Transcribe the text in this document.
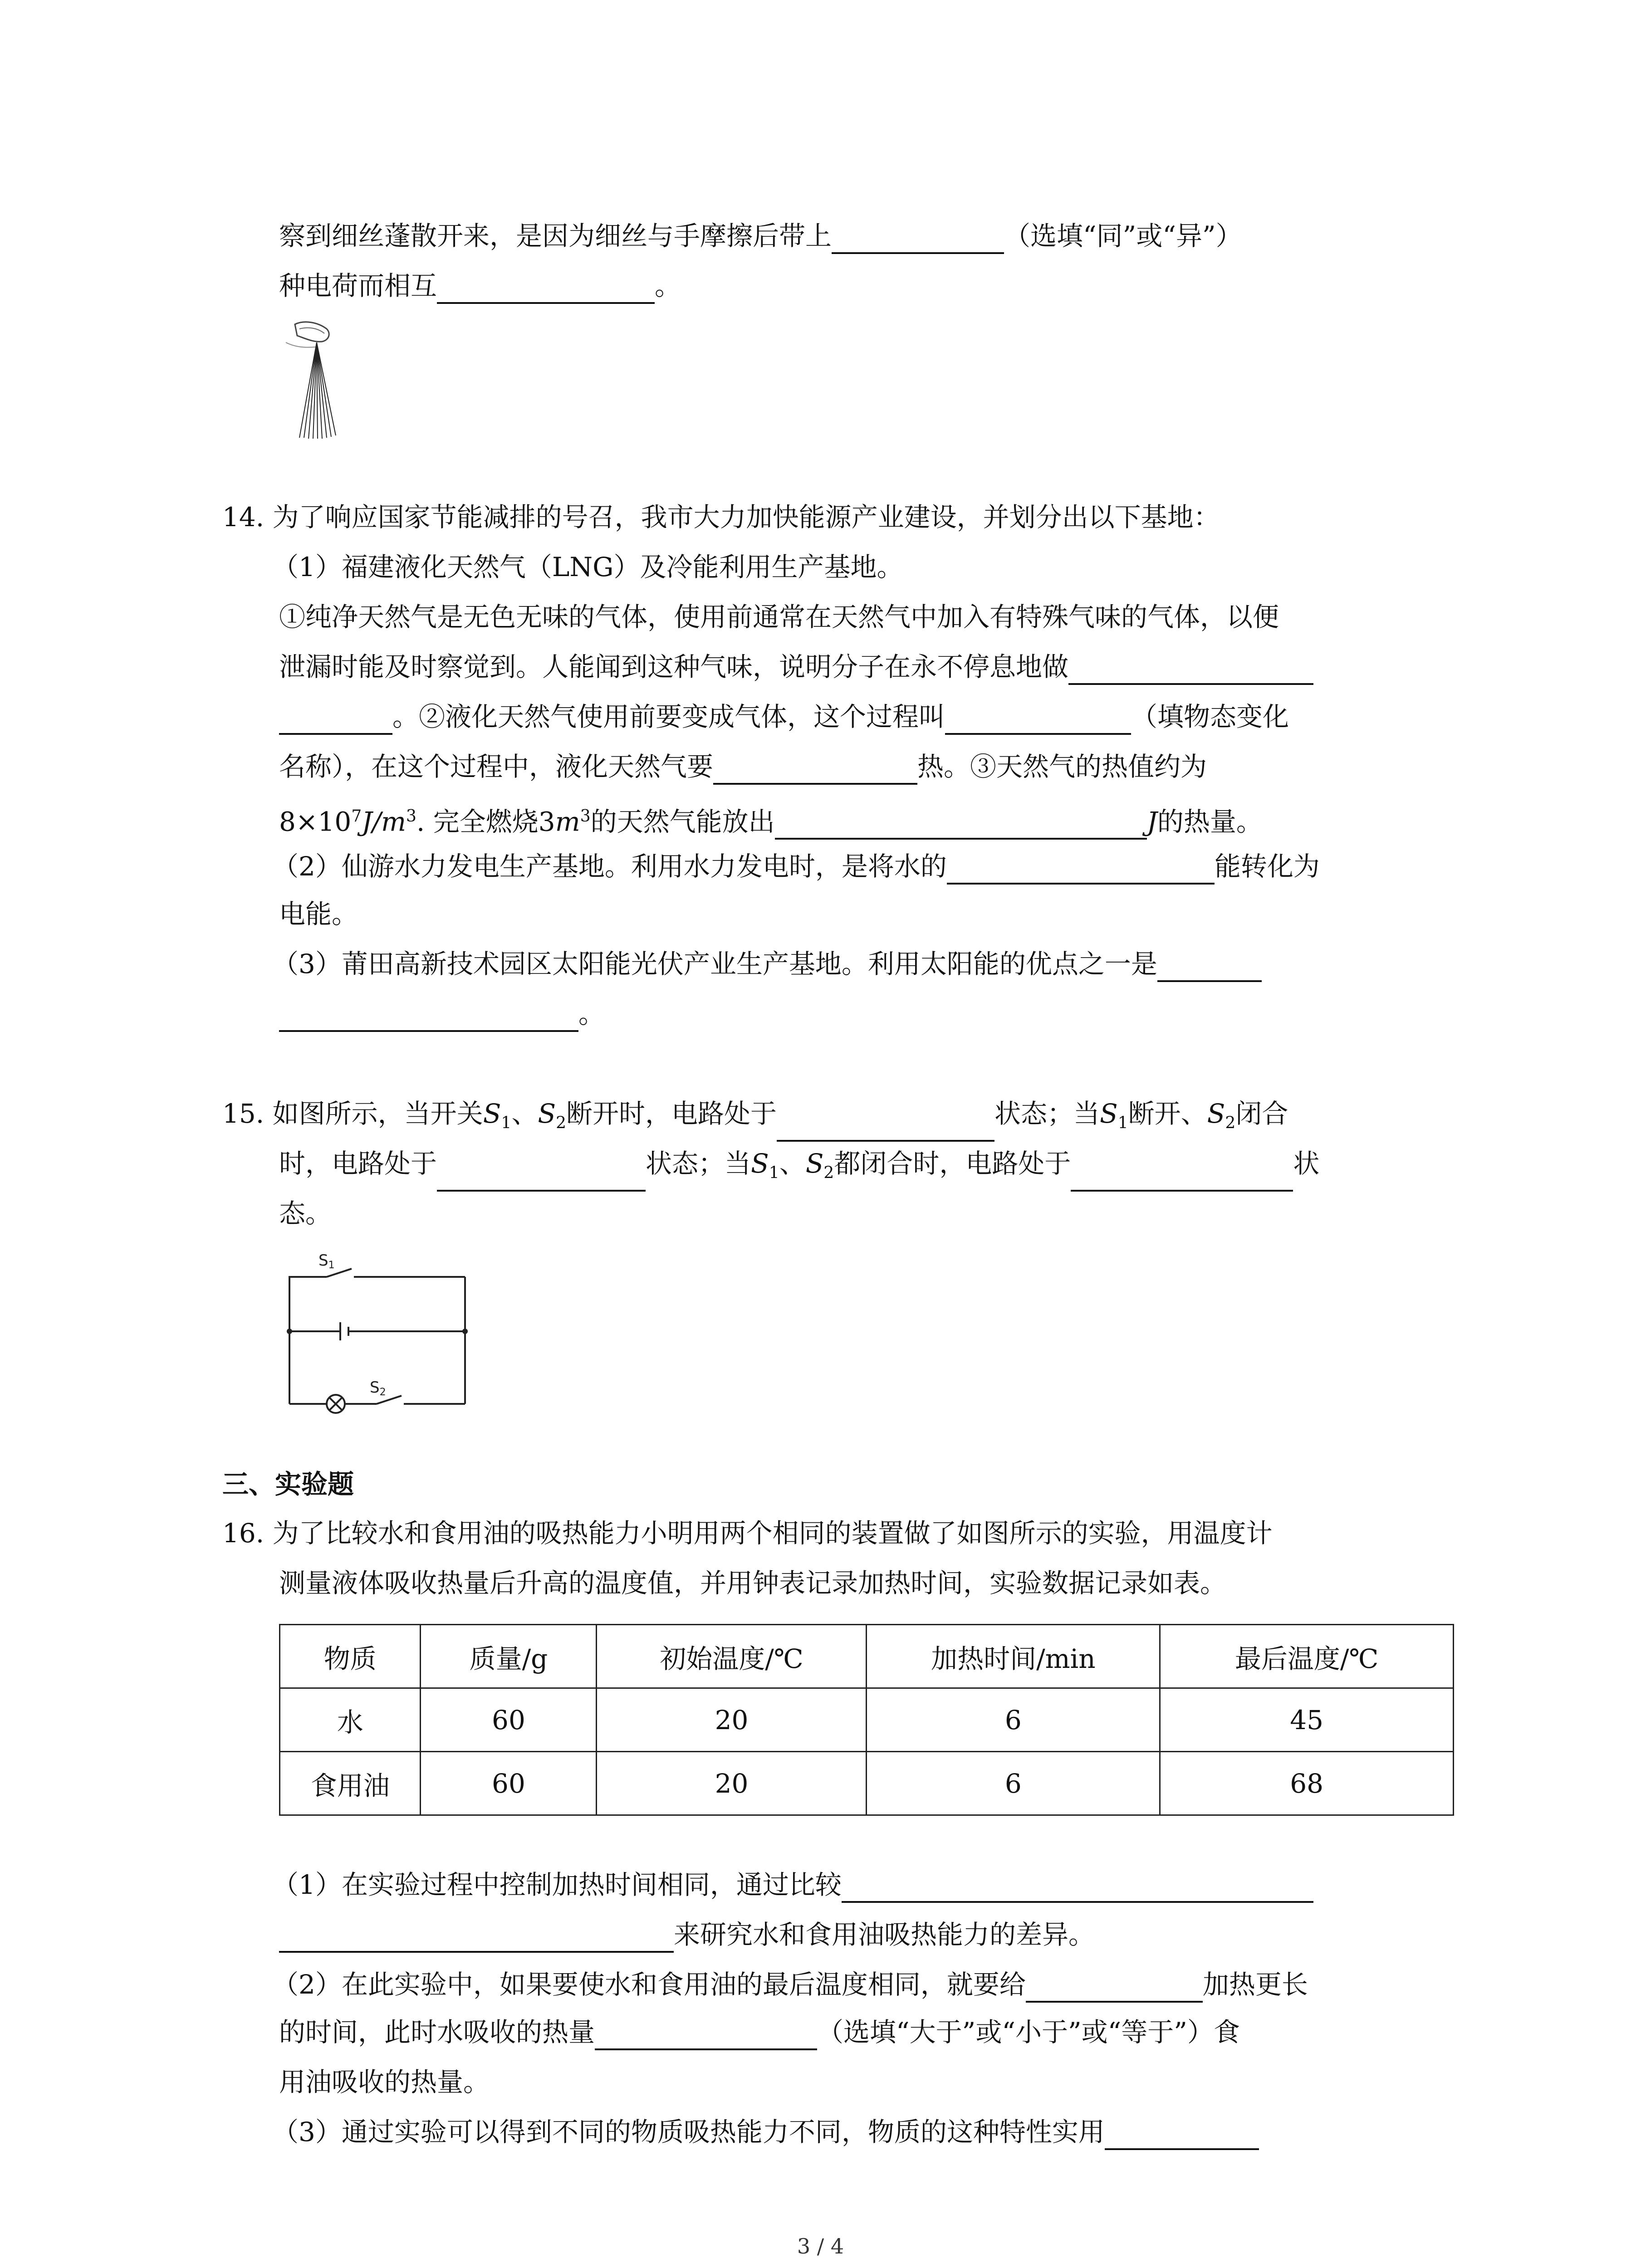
察到细丝蓬散开来，是因为细丝与手摩擦后带上	（选填“同”或“异”）
种电荷而相互	。
14. 为了响应国家节能减排的号召，我市大力加快能源产业建设，并划分出以下基地：
（1）福建液化天然气（LNG）及冷能利用生产基地。
①纯净天然气是无色无味的气体，使用前通常在天然气中加入有特殊气味的气体，以便
泄漏时能及时察觉到。人能闻到这种气味，说明分子在永不停息地做
。②液化天然气使用前要变成气体，这个过程叫	（填物态变化
名称），在这个过程中，液化天然气要	热。③天然气的热值约为
$8\times 10^7J/m^3$. 完全燃烧$3m^3$的天然气能放出	J的热量。
（2）仙游水力发电生产基地。利用水力发电时，是将水的	能转化为
电能。
（3）莆田高新技术园区太阳能光伏产业生产基地。利用太阳能的优点之一是
。
15. 如图所示，当开关$S_1$、$S_2$断开时，电路处于	状态；当$S_1$断开、$S_2$闭合
时，电路处于	状态；当$S_1$、$S_2$都闭合时，电路处于	状
态。
S1
S2
三、实验题
16. 为了比较水和食用油的吸热能力小明用两个相同的装置做了如图所示的实验，用温度计
测量液体吸收热量后升高的温度值，并用钟表记录加热时间，实验数据记录如表。
物质	质量/g	初始温度/℃	加热时间/min	最后温度/℃
水	60	20	6	45
食用油	60	20	6	68
（1）在实验过程中控制加热时间相同，通过比较
来研究水和食用油吸热能力的差异。
（2）在此实验中，如果要使水和食用油的最后温度相同，就要给	加热更长
的时间，此时水吸收的热量	（选填“大于”或“小于”或“等于”）食
用油吸收的热量。
（3）通过实验可以得到不同的物质吸热能力不同，物质的这种特性实用
3 / 4
